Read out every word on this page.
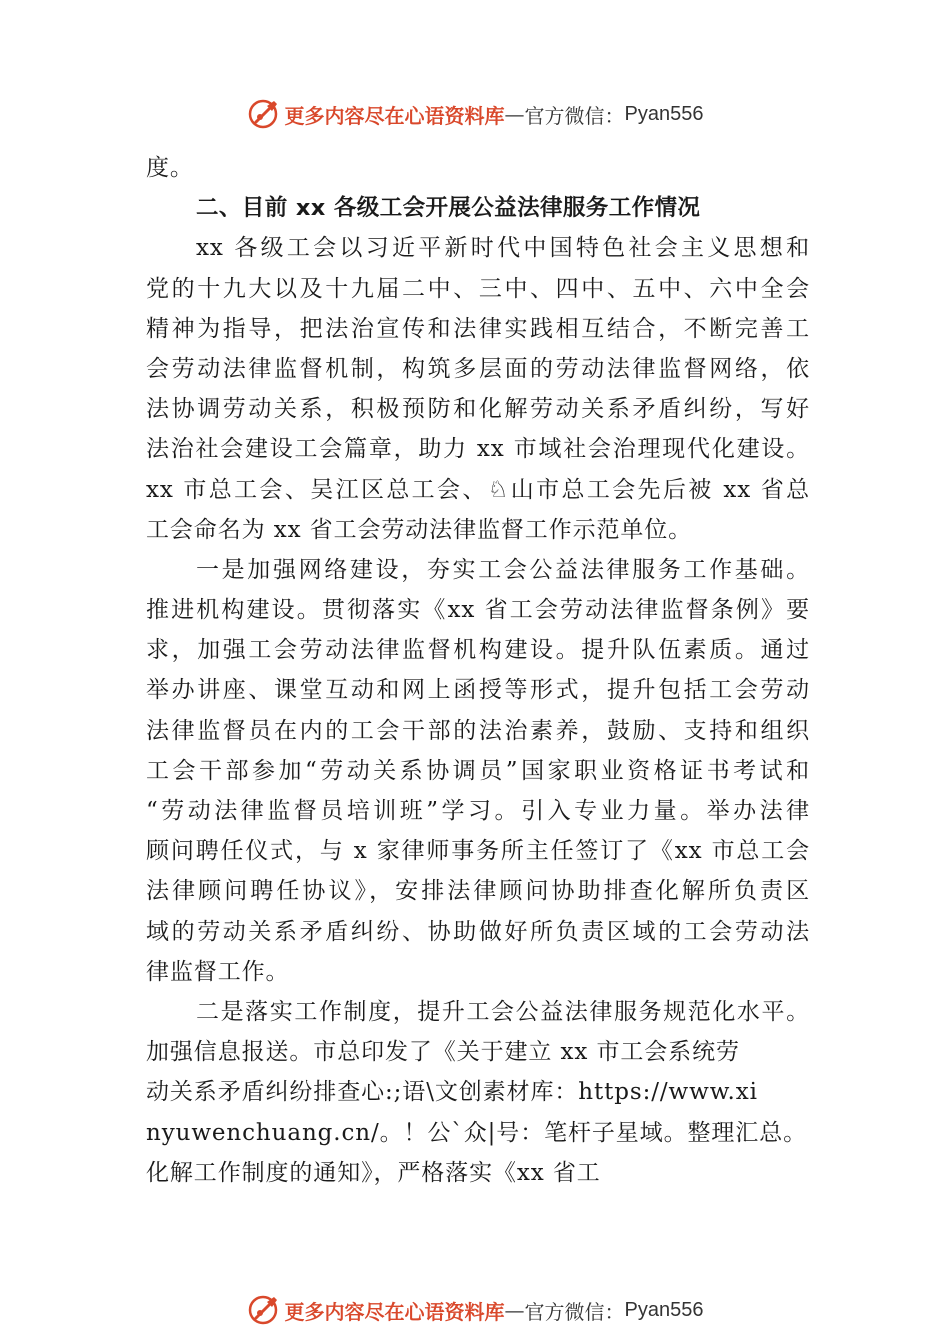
更多内容尽在心语资料库 — 官方微信： Pyan556
度。
二、目前 xx 各级工会开展公益法律服务工作情况
xx 各级工会以习近平新时代中国特色社会主义思想和
党的十九大以及十九届二中、三中、四中、五中、六中全会
精神为指导，把法治宣传和法律实践相互结合，不断完善工
会劳动法律监督机制，构筑多层面的劳动法律监督网络，依
法协调劳动关系，积极预防和化解劳动关系矛盾纠纷，写好
法治社会建设工会篇章，助力 xx 市域社会治理现代化建设。
xx 市总工会、吴江区总工会、♘山市总工会先后被 xx 省总
工会命名为 xx 省工会劳动法律监督工作示范单位。
一是加强网络建设，夯实工会公益法律服务工作基础。
推进机构建设。贯彻落实《xx 省工会劳动法律监督条例》要
求，加强工会劳动法律监督机构建设。提升队伍素质。通过
举办讲座、课堂互动和网上函授等形式，提升包括工会劳动
法律监督员在内的工会干部的法治素养，鼓励、支持和组织
工会干部参加“劳动关系协调员”国家职业资格证书考试和
“劳动法律监督员培训班”学习。引入专业力量。举办法律
顾问聘任仪式，与 x 家律师事务所主任签订了《xx 市总工会
法律顾问聘任协议》，安排法律顾问协助排查化解所负责区
域的劳动关系矛盾纠纷、协助做好所负责区域的工会劳动法
律监督工作。
二是落实工作制度，提升工会公益法律服务规范化水平。
加强信息报送。市总印发了《关于建立 xx 市工会系统劳
动关系矛盾纠纷排查心:;语\文创素材库：https://www.xi
nyuwenchuang.cn/。！公`众|号：笔杆子星域。整理汇总。
化解工作制度的通知》，严格落实《xx 省工
更多内容尽在心语资料库 — 官方微信： Pyan556
